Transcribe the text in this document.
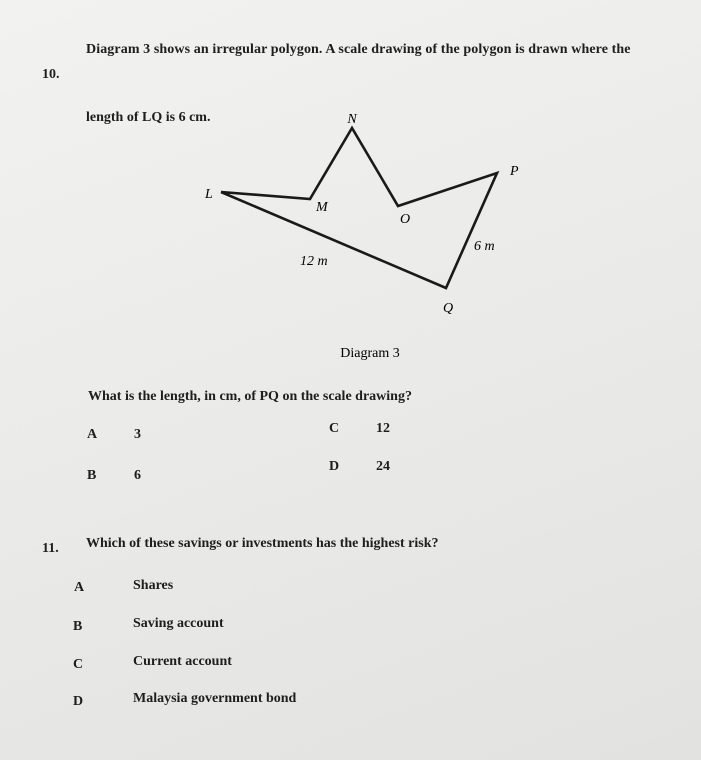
10.
Diagram 3 shows an irregular polygon. A scale drawing of the polygon is drawn where the
length of LQ is 6 cm.	N
L
M
O
P
Q
12 m
6 m
Diagram 3
What is the length, in cm, of PQ on the scale drawing?
A	3
B	6
C	12
D	24
11. Which of these savings or investments has the highest risk?
A	Shares
B	Saving account
C	Current account
D	Malaysia government bond
